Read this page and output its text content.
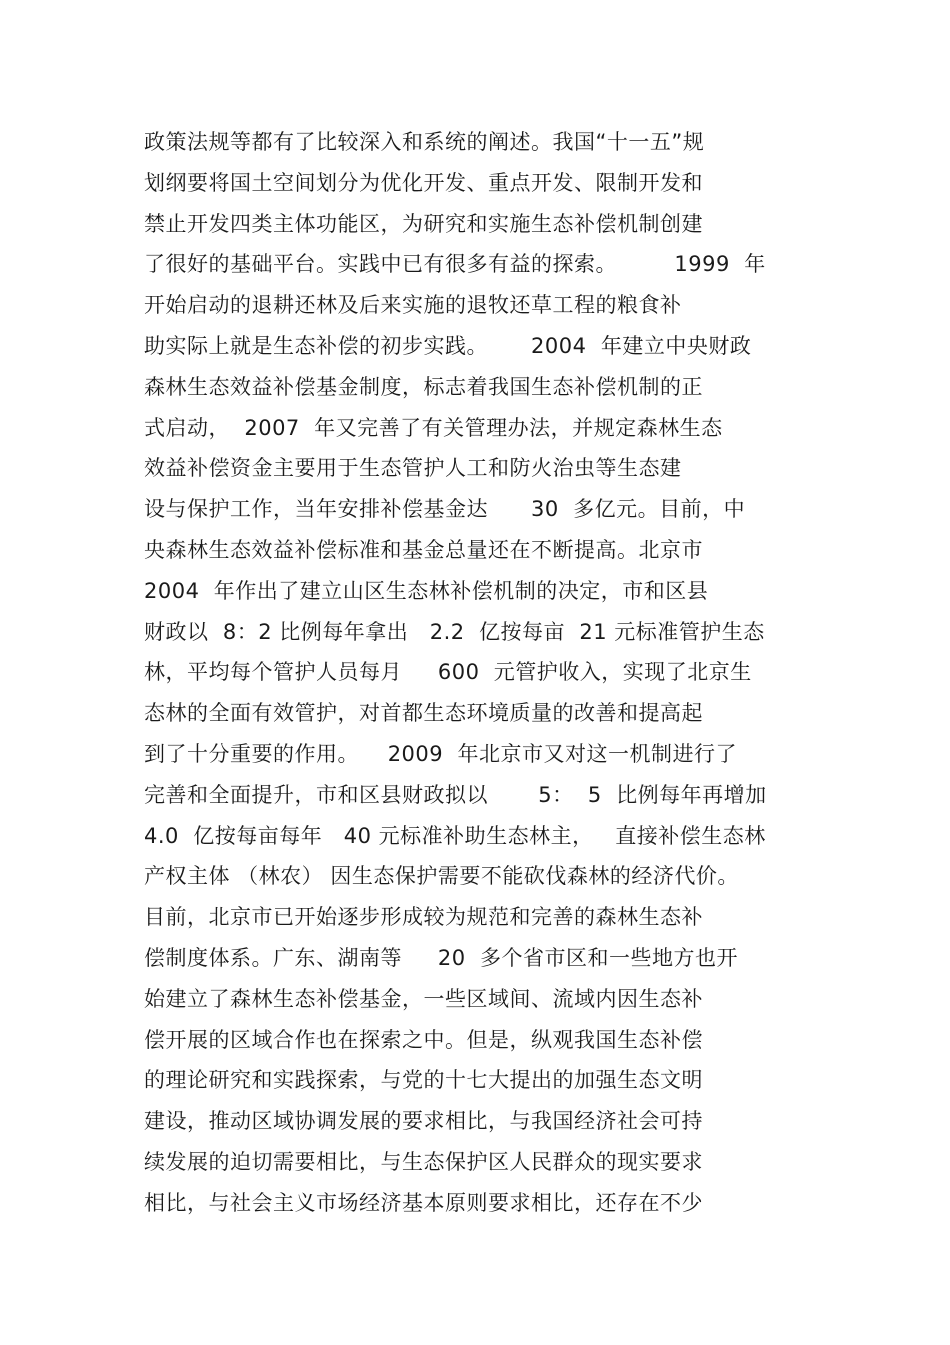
政策法规等都有了比较深入和系统的阐述。我国“十一五”规
划纲要将国土空间划分为优化开发、重点开发、限制开发和
禁止开发四类主体功能区，为研究和实施生态补偿机制创建
了很好的基础平台。实践中已有很多有益的探索。        1999  年
开始启动的退耕还林及后来实施的退牧还草工程的粮食补
助实际上就是生态补偿的初步实践。      2004  年建立中央财政
森林生态效益补偿基金制度，标志着我国生态补偿机制的正
式启动，  2007  年又完善了有关管理办法，并规定森林生态
效益补偿资金主要用于生态管护人工和防火治虫等生态建
设与保护工作，当年安排补偿基金达      30  多亿元。目前，中
央森林生态效益补偿标准和基金总量还在不断提高。北京市
2004  年作出了建立山区生态林补偿机制的决定，市和区县
财政以  8：2 比例每年拿出   2.2  亿按每亩  21 元标准管护生态
林，平均每个管护人员每月     600  元管护收入，实现了北京生
态林的全面有效管护，对首都生态环境质量的改善和提高起
到了十分重要的作用。    2009  年北京市又对这一机制进行了
完善和全面提升，市和区县财政拟以       5：  5  比例每年再增加
4.0  亿按每亩每年   40 元标准补助生态林主，   直接补偿生态林
产权主体 （林农） 因生态保护需要不能砍伐森林的经济代价。
目前，北京市已开始逐步形成较为规范和完善的森林生态补
偿制度体系。广东、湖南等     20  多个省市区和一些地方也开
始建立了森林生态补偿基金，一些区域间、流域内因生态补
偿开展的区域合作也在探索之中。但是，纵观我国生态补偿
的理论研究和实践探索，与党的十七大提出的加强生态文明
建设，推动区域协调发展的要求相比，与我国经济社会可持
续发展的迫切需要相比，与生态保护区人民群众的现实要求
相比，与社会主义市场经济基本原则要求相比，还存在不少
